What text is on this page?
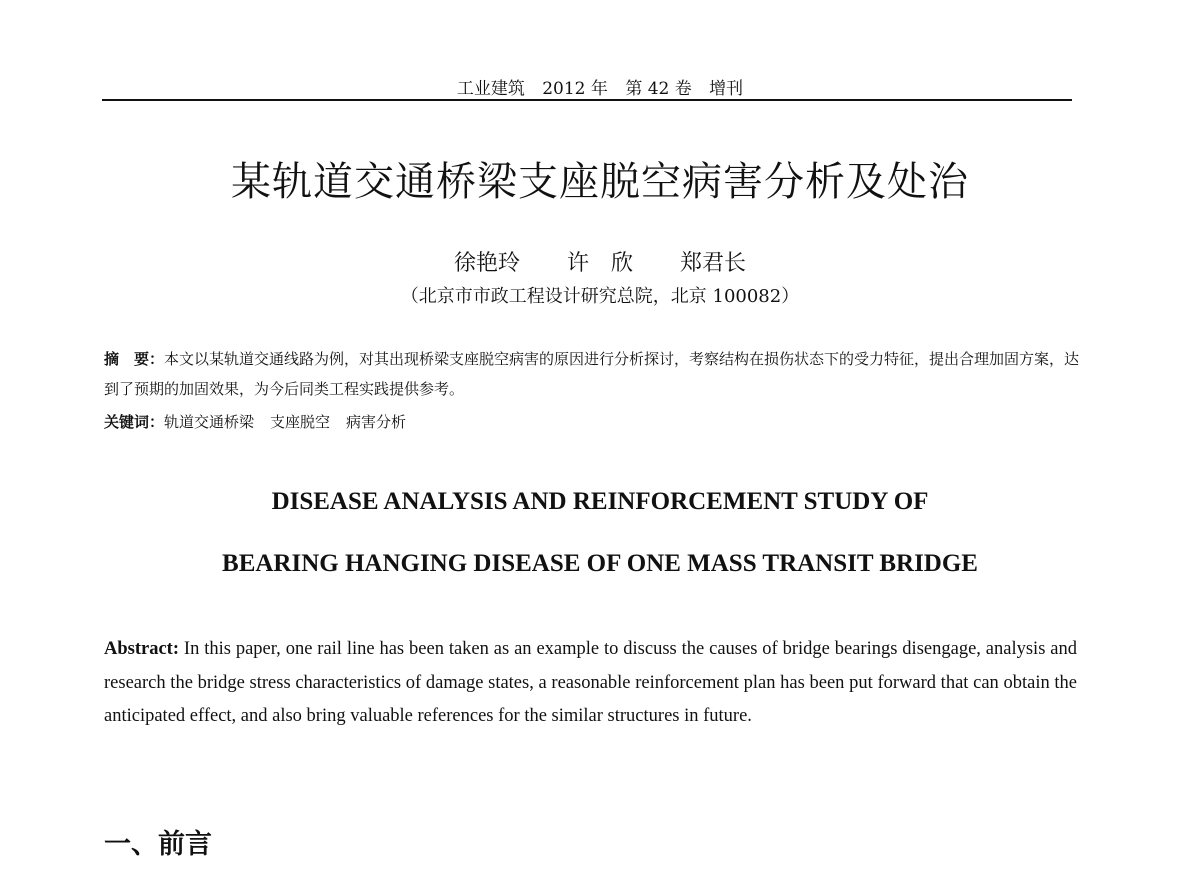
工业建筑 2012 年 第 42 卷 增刊
某轨道交通桥梁支座脱空病害分析及处治
徐艳玲 许　欣 郑君长
（北京市市政工程设计研究总院，北京 100082）
摘　要：本文以某轨道交通线路为例，对其出现桥梁支座脱空病害的原因进行分析探讨，考察结构在损伤状态下的受力特征，提出合理加固方案，达到了预期的加固效果，为今后同类工程实践提供参考。
关键词：轨道交通桥梁 支座脱空 病害分析
DISEASE ANALYSIS AND REINFORCEMENT STUDY OF
BEARING HANGING DISEASE OF ONE MASS TRANSIT BRIDGE
Abstract: In this paper, one rail line has been taken as an example to discuss the causes of bridge bearings disengage, analysis and research the bridge stress characteristics of damage states, a reasonable reinforcement plan has been put forward that can obtain the anticipated effect, and also bring valuable references for the similar structures in future.
一、前言
